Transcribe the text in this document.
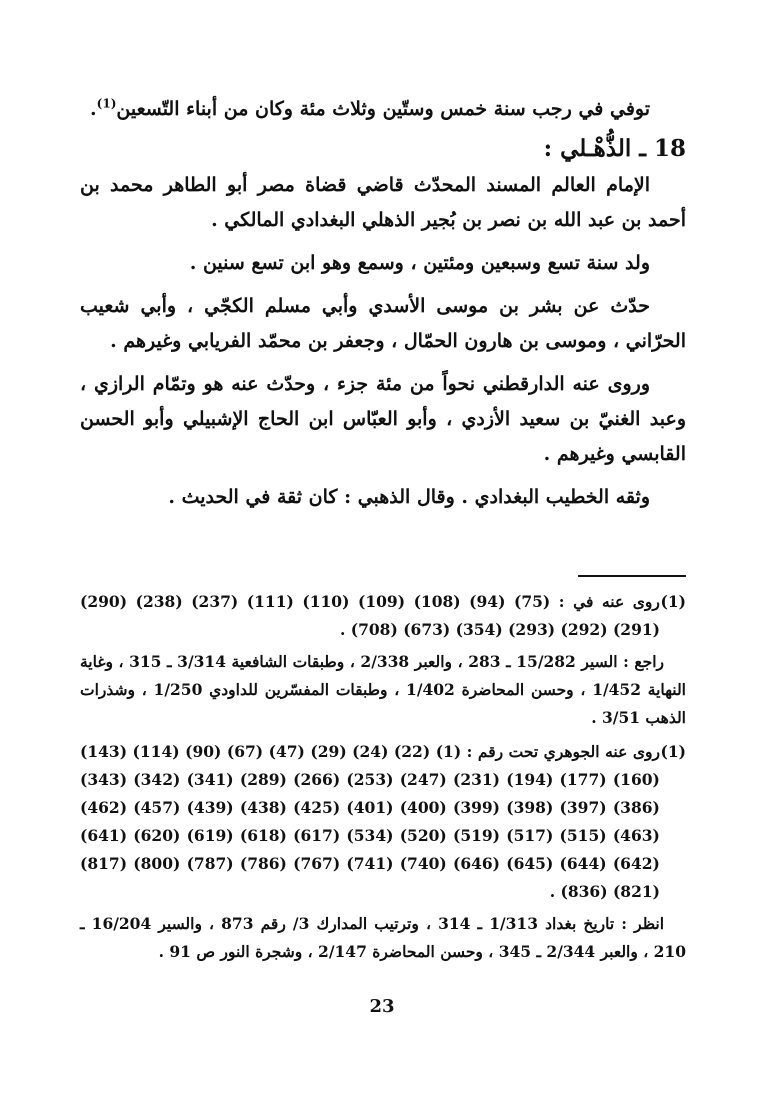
توفي في رجب سنة خمس وستّين وثلاث مئة وكان من أبناء التّسعين$^{(1)}$.

18 ـ الذُّهْـلي :

الإمام العالم المسند المحدّث قاضي قضاة مصر أبو الطاهر محمد بن أحمد بن عبد الله بن نصر بن بُجير الذهلي البغدادي المالكي .

ولد سنة تسع وسبعين ومئتين ، وسمع وهو ابن تسع سنين .

حدّث عن بشر بن موسى الأسدي وأبي مسلم الكجّي ، وأبي شعيب الحرّاني ، وموسى بن هارون الحمّال ، وجعفر بن محمّد الفريابي وغيرهم .

وروى عنه الدارقطني نحواً من مئة جزء ، وحدّث عنه هو وتمّام الرازي ، وعبد الغنيّ بن سعيد الأزدي ، وأبو العبّاس ابن الحاج الإشبيلي وأبو الحسن القابسي وغيرهم .

وثقه الخطيب البغدادي . وقال الذهبي : كان ثقة في الحديث .

(1)

روى عنه في : (75) (94) (108) (109) (110) (111) (237) (238) (290) (291) (292) (293) (354) (673) (708) .

راجع : السير 15/282 ـ 283 ، والعبر 2/338 ، وطبقات الشافعية 3/314 ـ 315 ، وغاية النهاية 1/452 ، وحسن المحاضرة 1/402 ، وطبقات المفسّرين للداودي 1/250 ، وشذرات الذهب 3/51 .

(1)

روى عنه الجوهري تحت رقم : (1) (22) (24) (29) (47) (67) (90) (114) (143) (160) (177) (194) (231) (247) (253) (266) (289) (341) (342) (343) (386) (397) (398) (399) (400) (401) (425) (438) (439) (457) (462) (463) (515) (517) (519) (520) (534) (617) (618) (619) (620) (641) (642) (644) (645) (646) (740) (741) (767) (786) (787) (800) (817) (821) (836) .

انظر : تاريخ بغداد 1/313 ـ 314 ، وترتيب المدارك 3/ رقم 873 ، والسير 16/204 ـ 210 ، والعبر 2/344 ـ 345 ، وحسن المحاضرة 2/147 ، وشجرة النور ص 91 .

23
